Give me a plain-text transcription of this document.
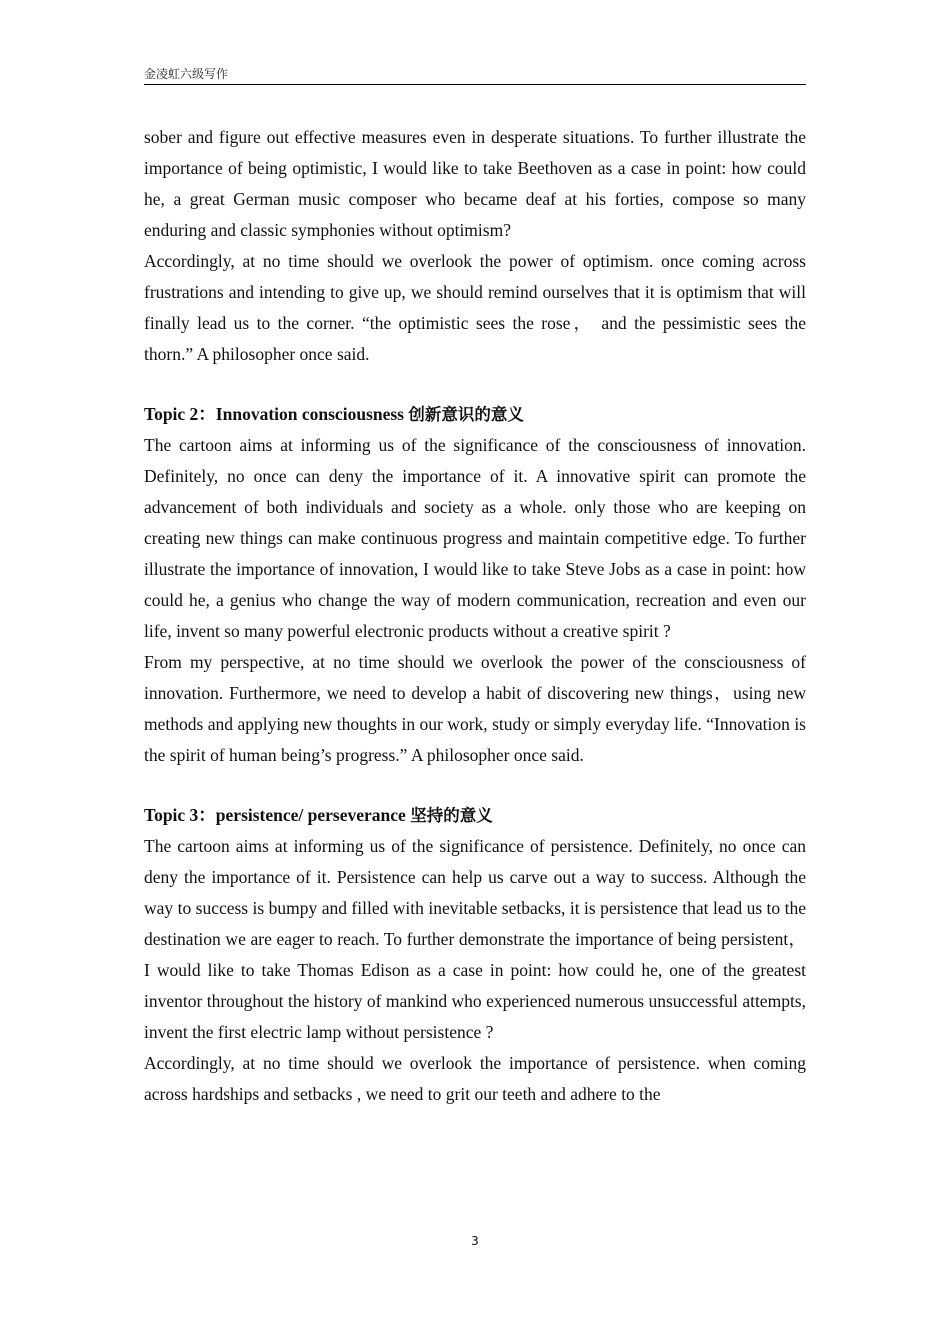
金凌虹六级写作

sober and figure out effective measures even in desperate situations. To further illustrate the importance of being optimistic, I would like to take Beethoven as a case in point: how could he, a great German music composer who became deaf at his forties, compose so many enduring and classic symphonies without optimism?

Accordingly, at no time should we overlook the power of optimism. once coming across frustrations and intending to give up, we should remind ourselves that it is optimism that will finally lead us to the corner. “the optimistic sees the rose， and the pessimistic sees the thorn.” A philosopher once said.

Topic 2：Innovation consciousness 创新意识的意义

The cartoon aims at informing us of the significance of the consciousness of innovation. Definitely, no once can deny the importance of it. A innovative spirit can promote the advancement of both individuals and society as a whole. only those who are keeping on creating new things can make continuous progress and maintain competitive edge. To further illustrate the importance of innovation, I would like to take Steve Jobs as a case in point: how could he, a genius who change the way of modern communication, recreation and even our life, invent so many powerful electronic products without a creative spirit ?

From my perspective, at no time should we overlook the power of the consciousness of innovation. Furthermore, we need to develop a habit of discovering new things，using new methods and applying new thoughts in our work, study or simply everyday life. “Innovation is the spirit of human being’s progress.” A philosopher once said.

Topic 3：persistence/ perseverance 坚持的意义

The cartoon aims at informing us of the significance of persistence. Definitely, no once can deny the importance of it. Persistence can help us carve out a way to success. Although the way to success is bumpy and filled with inevitable setbacks, it is persistence that lead us to the destination we are eager to reach. To further demonstrate the importance of being persistent， I would like to take Thomas Edison as a case in point: how could he, one of the greatest inventor throughout the history of mankind who experienced numerous unsuccessful attempts, invent the first electric lamp without persistence ?

Accordingly, at no time should we overlook the importance of persistence. when coming across hardships and setbacks , we need to grit our teeth and adhere to the

3
